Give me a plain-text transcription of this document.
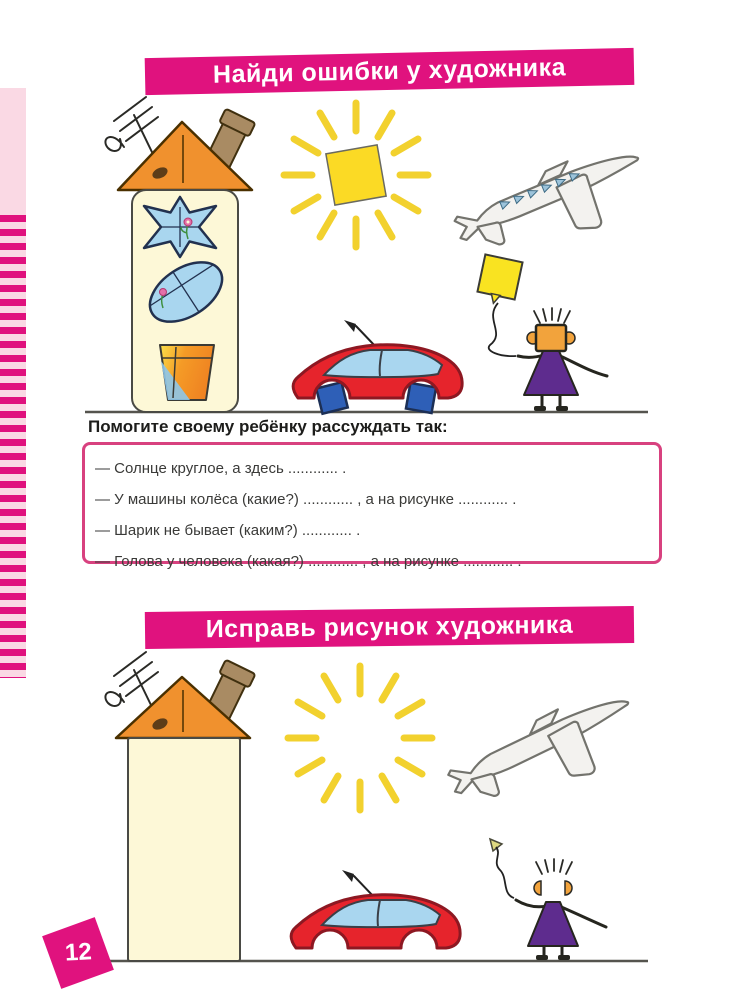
Найди ошибки у художника
Помогите своему ребёнку рассуждать так:
— Солнце круглое, а здесь ............ .
— У машины колёса (какие?) ............ , а на рисунке ............ .
— Шарик не бывает (каким?) ............ .
— Голова у человека (какая?) ............ , а на рисунке ............ .
Исправь рисунок художника
12
